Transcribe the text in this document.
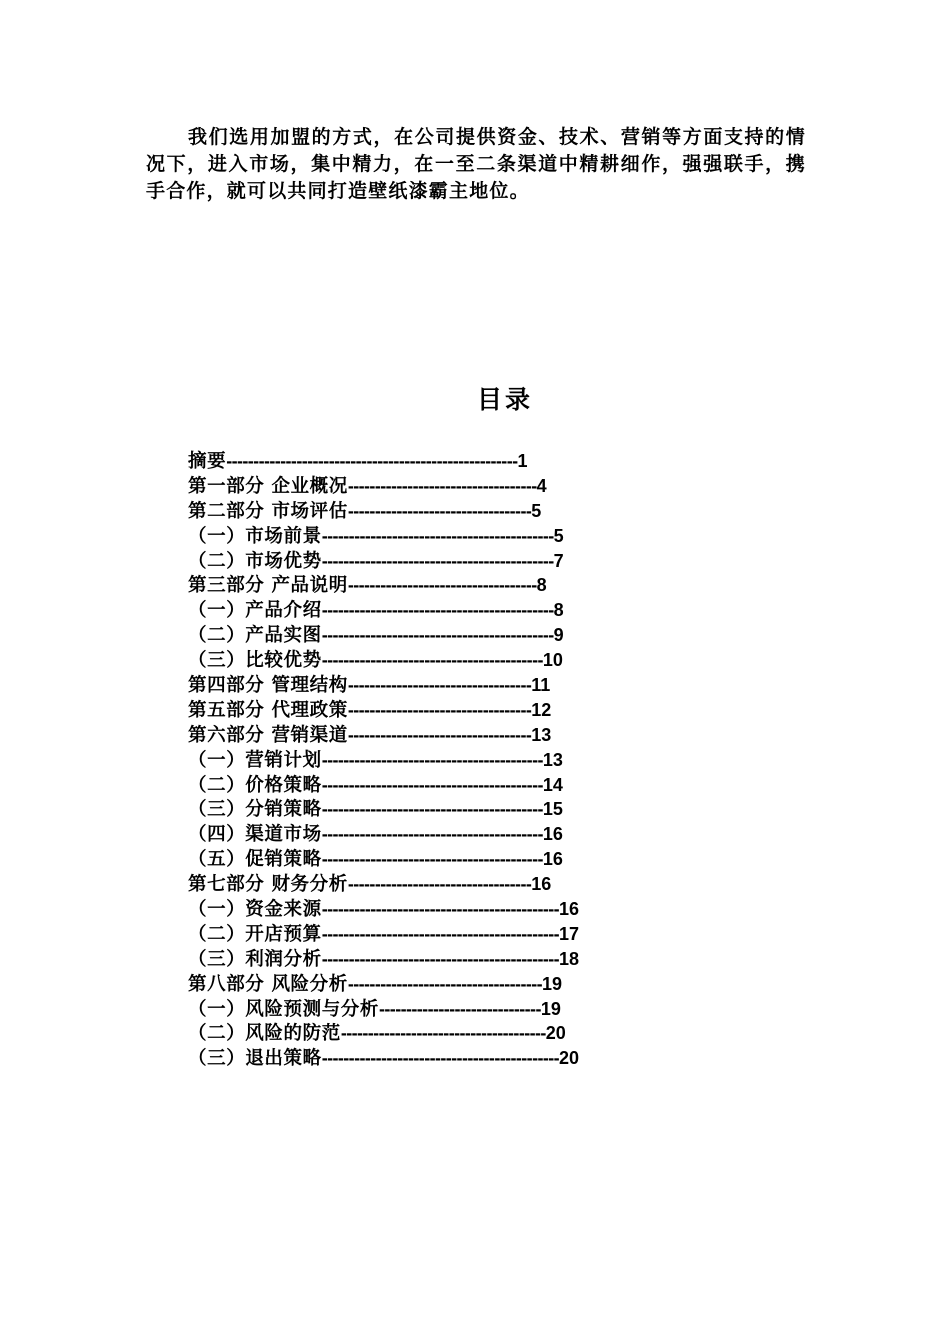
我们选用加盟的方式，在公司提供资金、技术、营销等方面支持的情况下，进入市场，集中精力，在一至二条渠道中精耕细作，强强联手，携手合作，就可以共同打造壁纸漆霸主地位。

目录
摘要 ------------------------------------------------------ 1
第一部分 企业概况 ----------------------------------- 4
第二部分 市场评估 ---------------------------------- 5
（一）市场前景 ------------------------------------------- 5
（二）市场优势 ------------------------------------------- 7
第三部分 产品说明 ----------------------------------- 8
（一）产品介绍 ------------------------------------------- 8
（二）产品实图 ------------------------------------------- 9
（三）比较优势 ----------------------------------------- 10
第四部分 管理结构 ---------------------------------- 11
第五部分 代理政策 ---------------------------------- 12
第六部分 营销渠道 ---------------------------------- 13
（一）营销计划 ----------------------------------------- 13
（二）价格策略 ----------------------------------------- 14
（三）分销策略 ----------------------------------------- 15
（四）渠道市场 ----------------------------------------- 16
（五）促销策略 ----------------------------------------- 16
第七部分 财务分析 ---------------------------------- 16
（一）资金来源 -------------------------------------------- 16
（二）开店预算 -------------------------------------------- 17
（三）利润分析 -------------------------------------------- 18
第八部分 风险分析 ------------------------------------ 19
（一）风险预测与分析 ------------------------------ 19
（二）风险的防范 -------------------------------------- 20
（三）退出策略 -------------------------------------------- 20
